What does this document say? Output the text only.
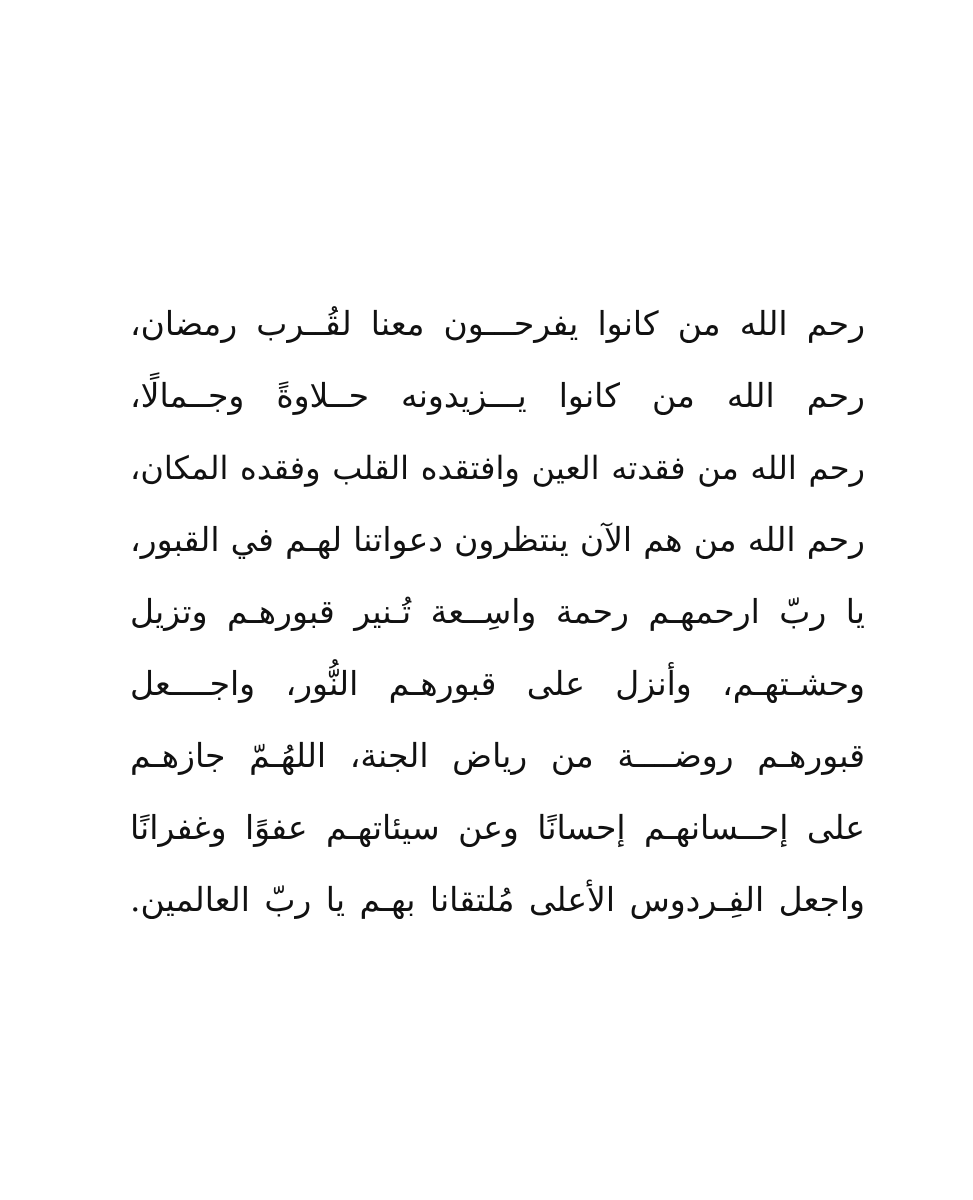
رحم الله من كانوا يفرحـــون معنا لقُــرب رمضان،
رحم الله من كانوا يـــزيدونه حــلاوةً وجــمالًا،
رحم الله من فقدته العين وافتقده القلب وفقده المكان،
رحم الله من هم الآن ينتظرون دعواتنا لهـم في القبور،
يا ربّ ارحمهـم رحمة واسِــعة تُـنير قبورهـم وتزيل
وحشـتهـم، وأنزل على قبورهـم النُّور، واجــــعل
قبورهـم روضــــة من رياض الجنة، اللهُـمّ جازهـم
على إحــسانهـم إحسانًا وعن سيئاتهـم عفوًا وغفرانًا
واجعل الفِـردوس الأعلى مُلتقانا بهـم يا ربّ العالمين.
